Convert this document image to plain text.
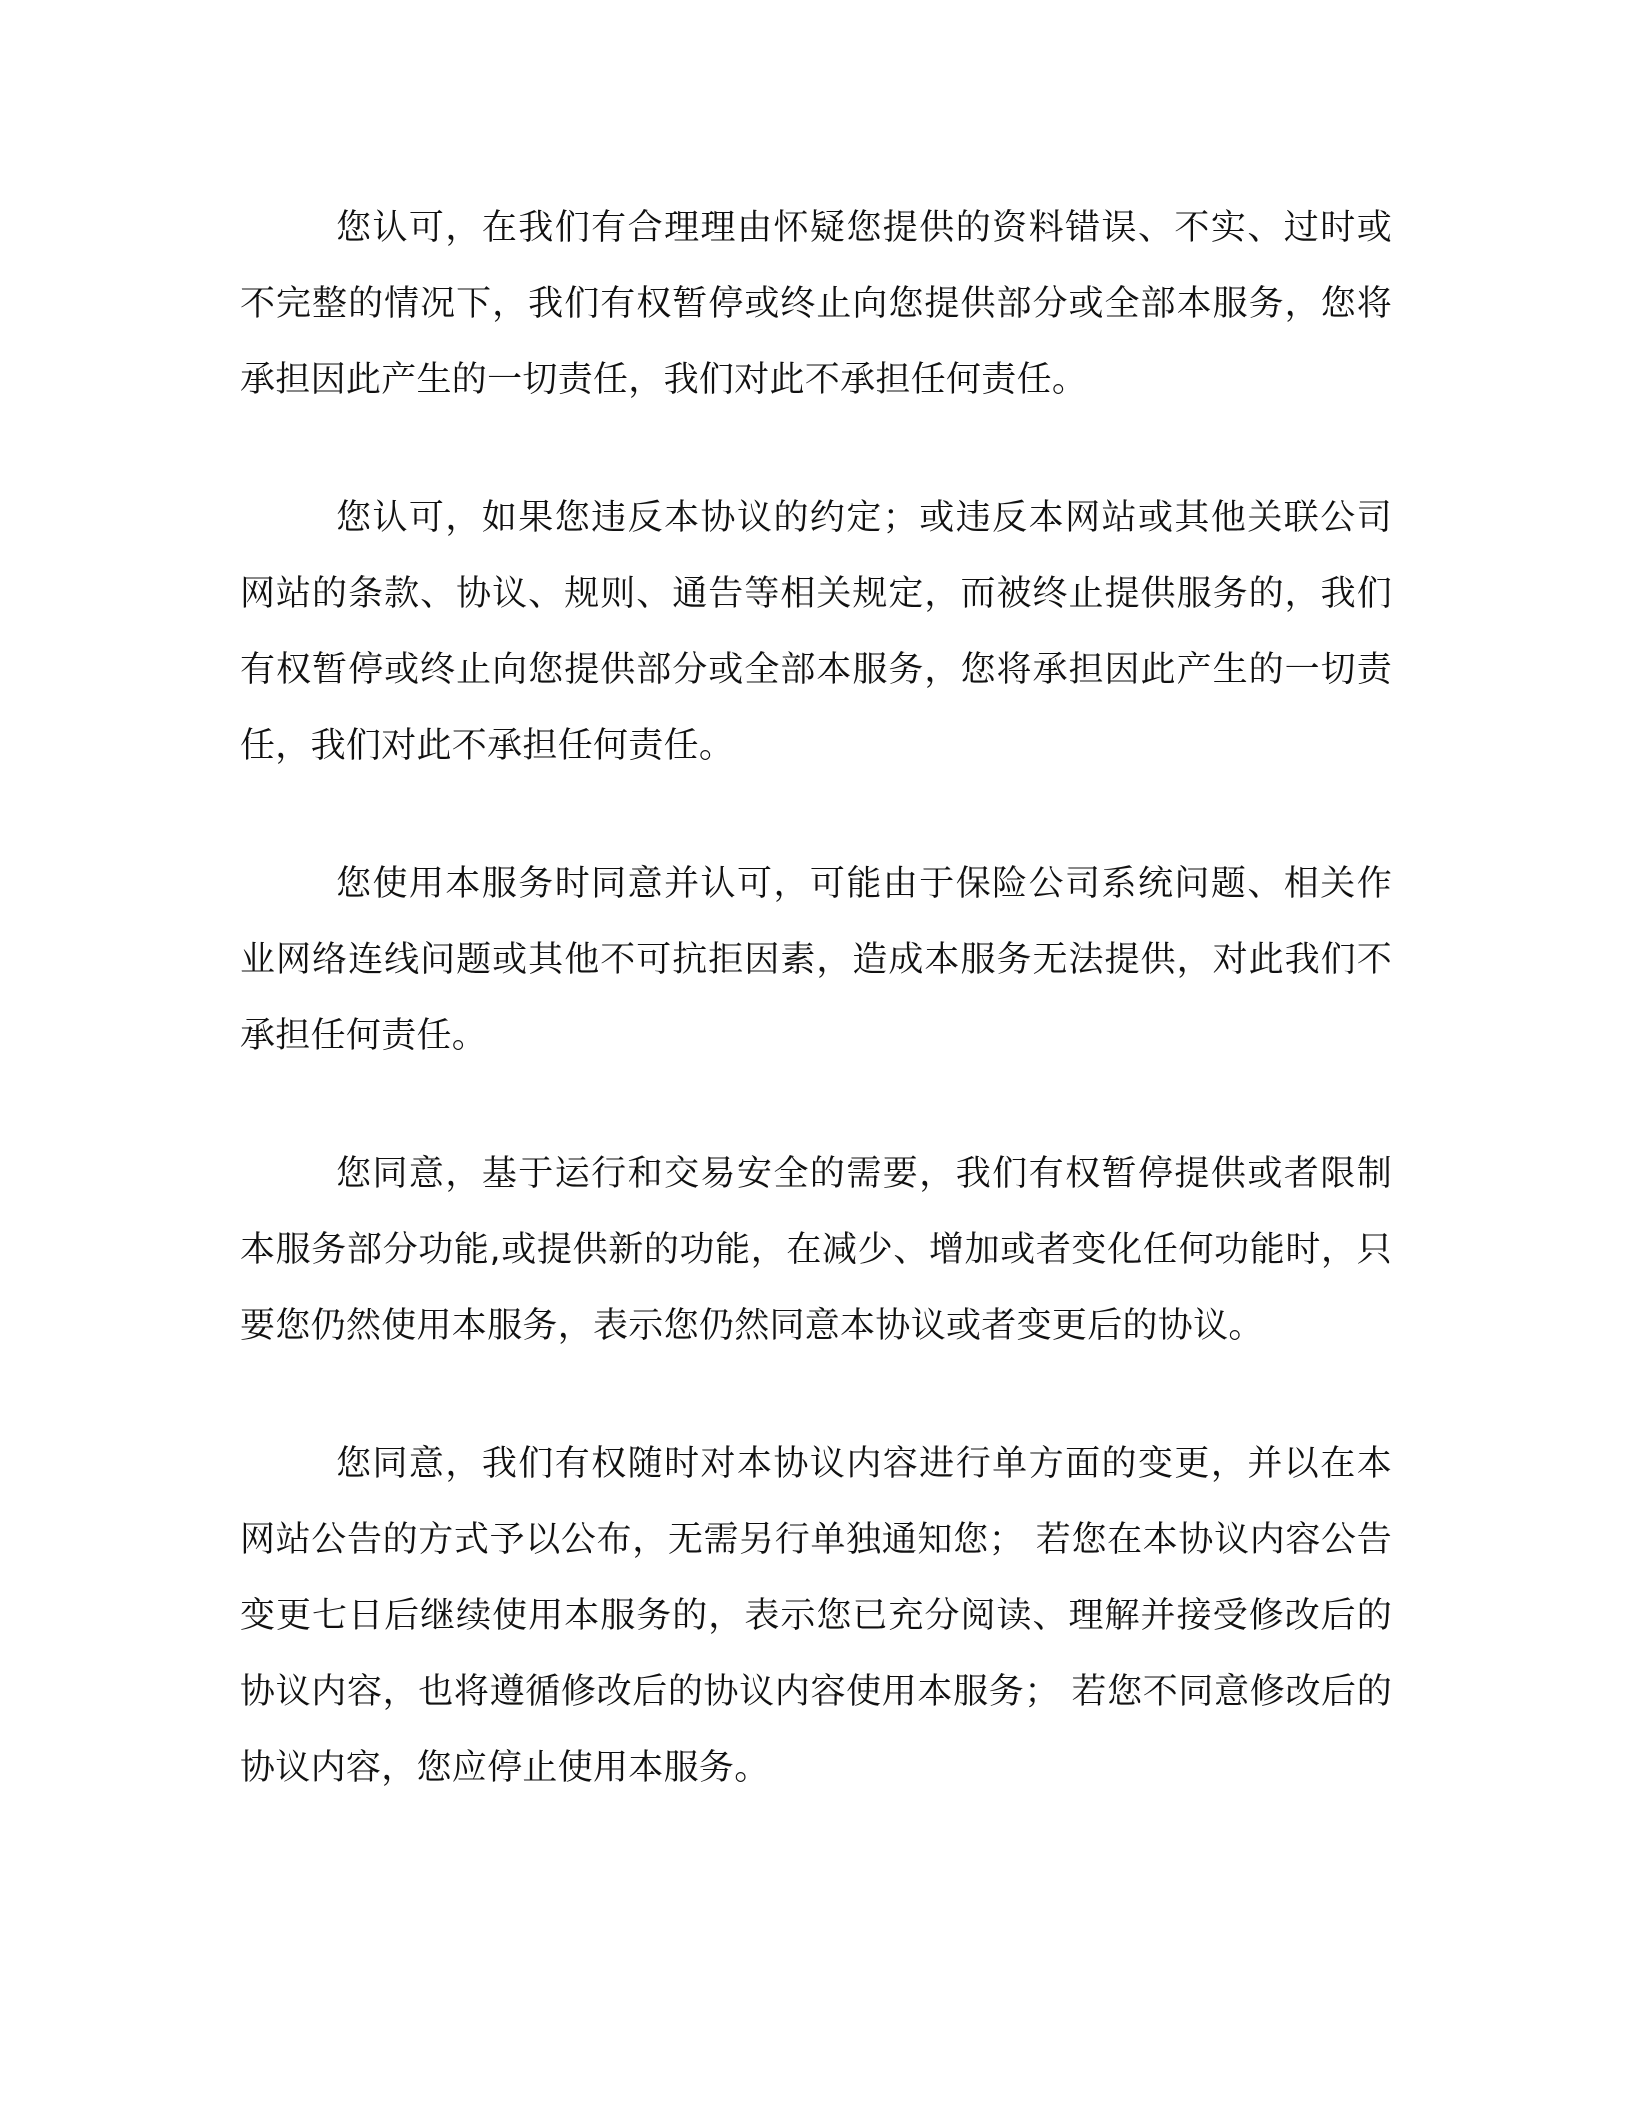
您认可，在我们有合理理由怀疑您提供的资料错误、不实、过时或不完整的情况下，我们有权暂停或终止向您提供部分或全部本服务，您将承担因此产生的一切责任，我们对此不承担任何责任。

您认可，如果您违反本协议的约定；或违反本网站或其他关联公司网站的条款、协议、规则、通告等相关规定，而被终止提供服务的，我们有权暂停或终止向您提供部分或全部本服务，您将承担因此产生的一切责任，我们对此不承担任何责任。

您使用本服务时同意并认可，可能由于保险公司系统问题、相关作业网络连线问题或其他不可抗拒因素，造成本服务无法提供，对此我们不承担任何责任。

您同意，基于运行和交易安全的需要，我们有权暂停提供或者限制本服务部分功能,或提供新的功能，在减少、增加或者变化任何功能时，只要您仍然使用本服务，表示您仍然同意本协议或者变更后的协议。

您同意，我们有权随时对本协议内容进行单方面的变更，并以在本网站公告的方式予以公布，无需另行单独通知您； 若您在本协议内容公告变更七日后继续使用本服务的，表示您已充分阅读、理解并接受修改后的协议内容，也将遵循修改后的协议内容使用本服务； 若您不同意修改后的协议内容，您应停止使用本服务。
